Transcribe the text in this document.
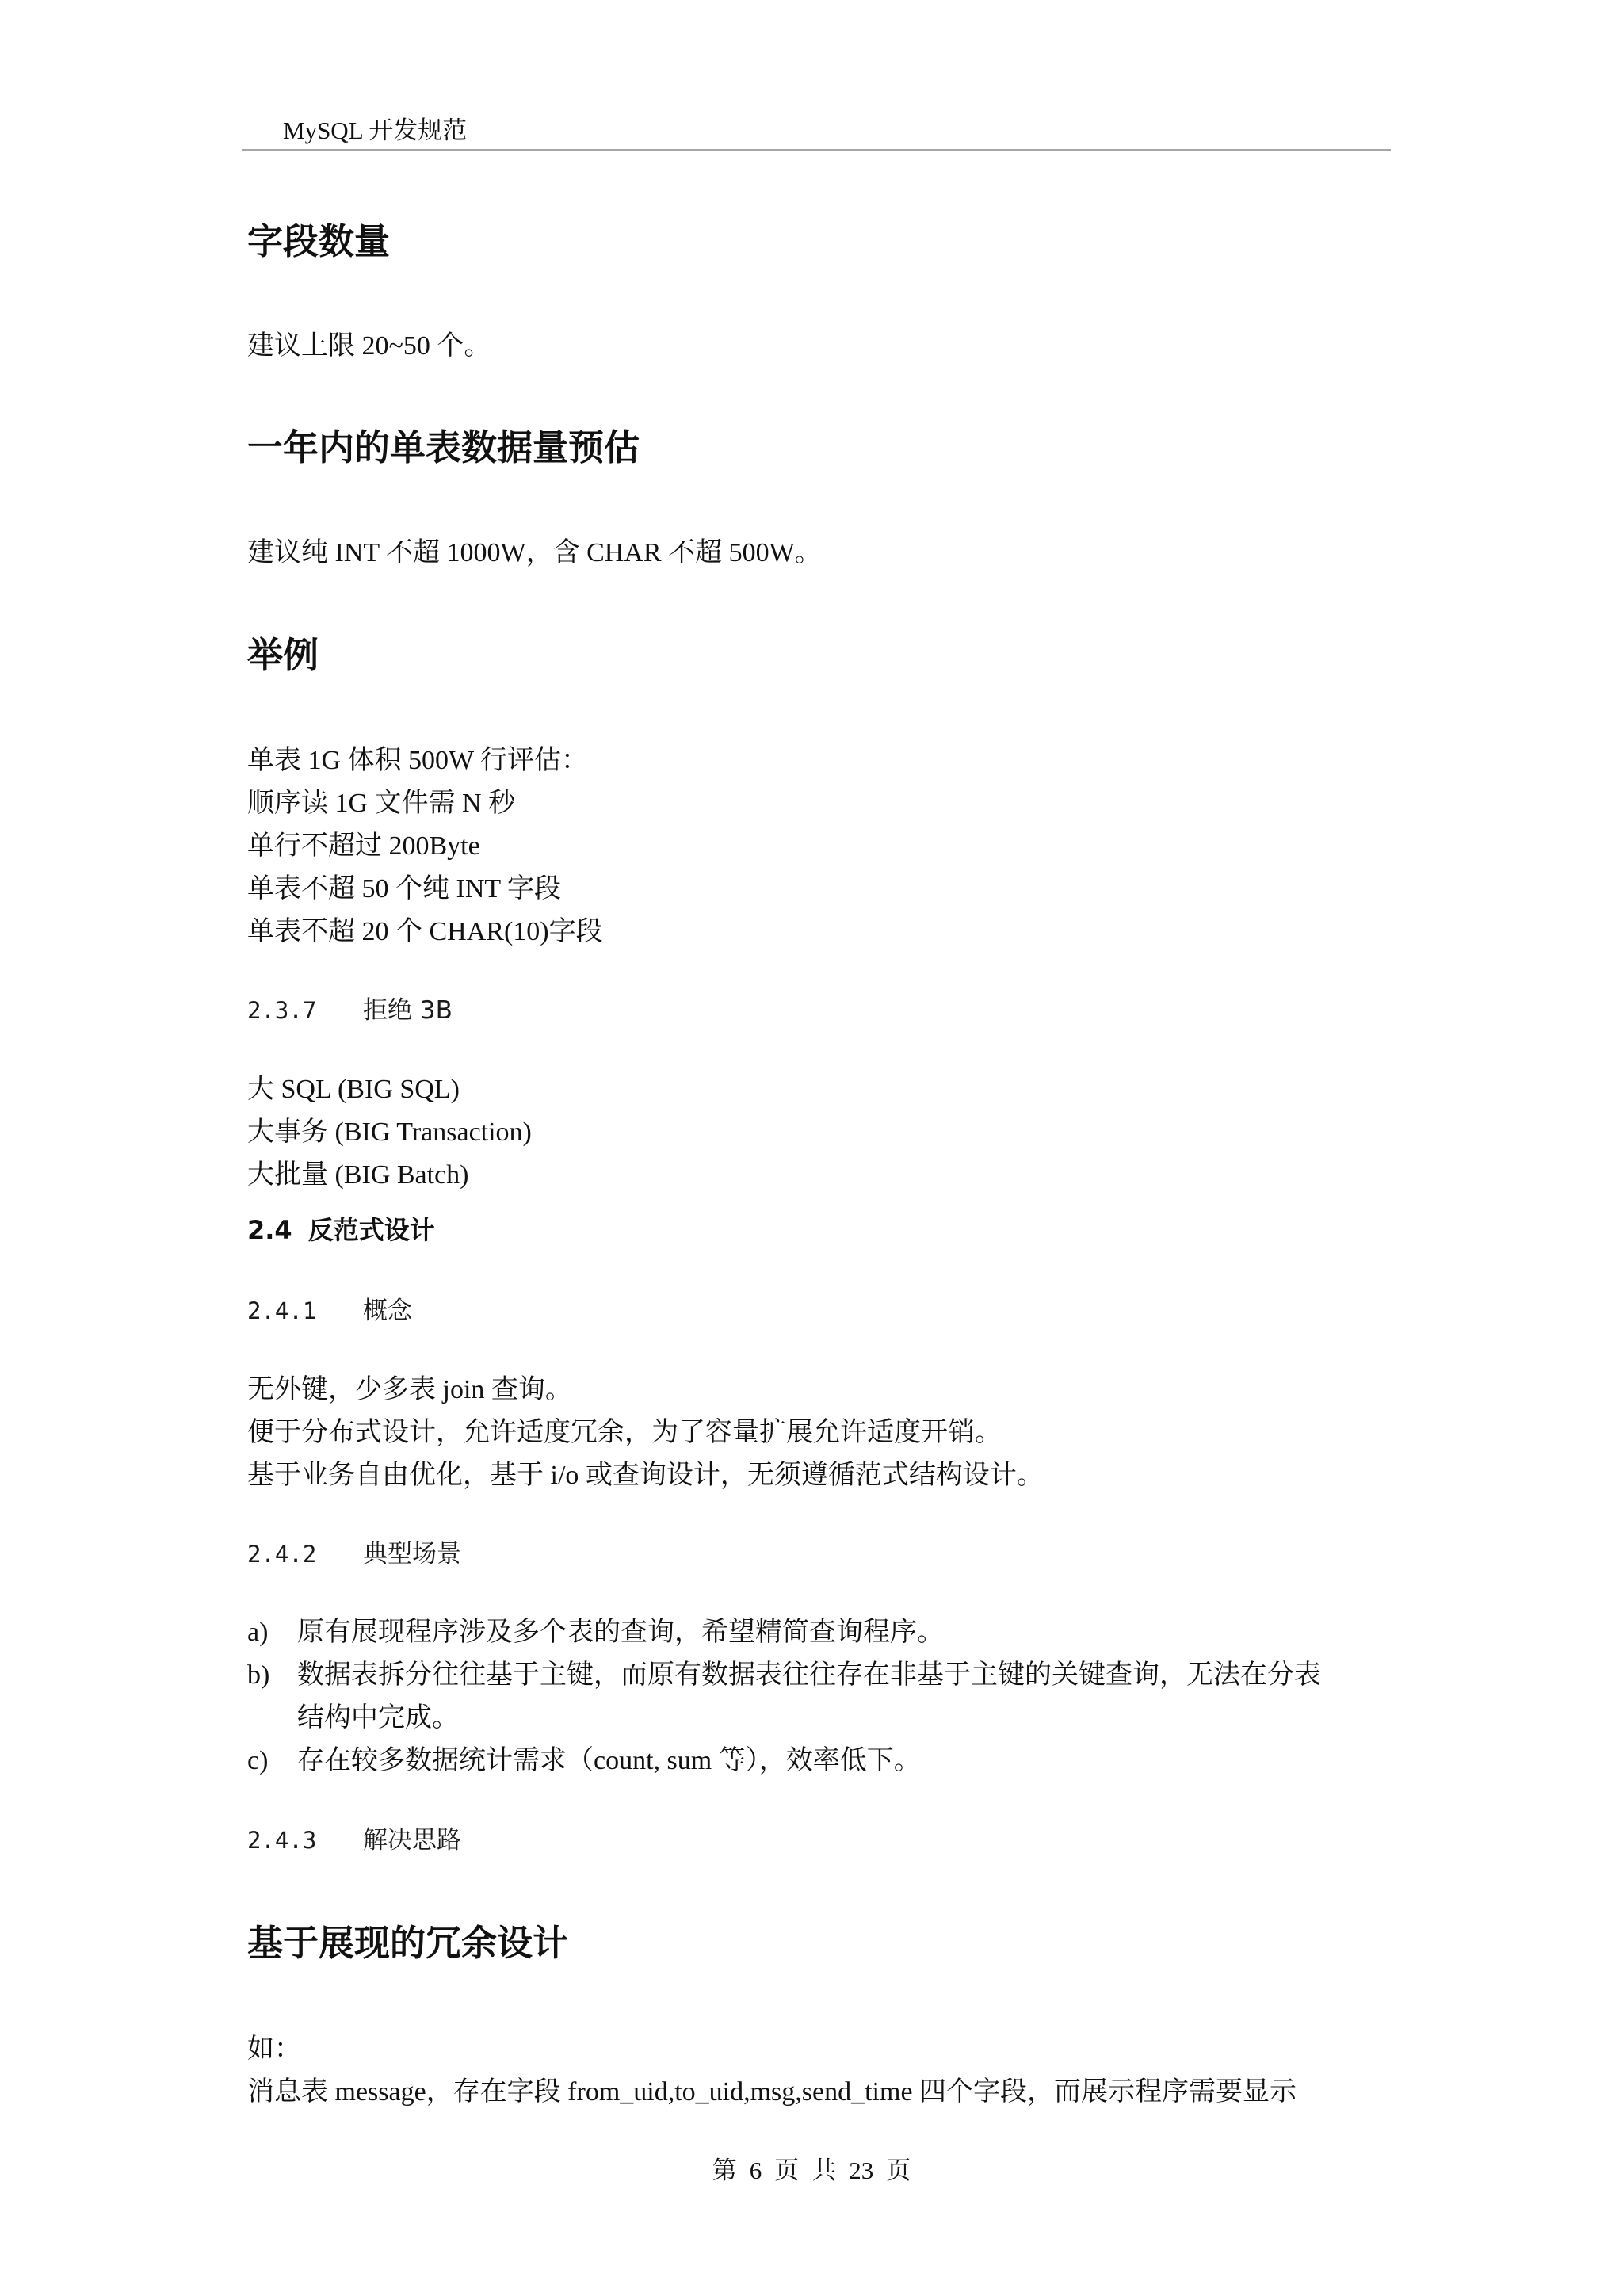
MySQL 开发规范
字段数量
建议上限 20~50 个。
一年内的单表数据量预估
建议纯 INT 不超 1000W，含 CHAR 不超 500W。
举例
单表 1G 体积 500W 行评估：
顺序读 1G 文件需 N 秒
单行不超过 200Byte
单表不超 50 个纯 INT 字段
单表不超 20 个 CHAR(10)字段
2.3.7 拒绝 3B
大 SQL (BIG SQL)
大事务 (BIG Transaction)
大批量 (BIG Batch)
2.4 反范式设计
2.4.1 概念
无外键，少多表 join 查询。
便于分布式设计，允许适度冗余，为了容量扩展允许适度开销。
基于业务自由优化，基于 i/o 或查询设计，无须遵循范式结构设计。
2.4.2 典型场景
a) 原有展现程序涉及多个表的查询，希望精简查询程序。
b) 数据表拆分往往基于主键，而原有数据表往往存在非基于主键的关键查询，无法在分表
结构中完成。
c) 存在较多数据统计需求（count, sum 等），效率低下。
2.4.3 解决思路
基于展现的冗余设计
如：
消息表 message，存在字段 from_uid,to_uid,msg,send_time 四个字段，而展示程序需要显示
第 6 页 共 23 页
